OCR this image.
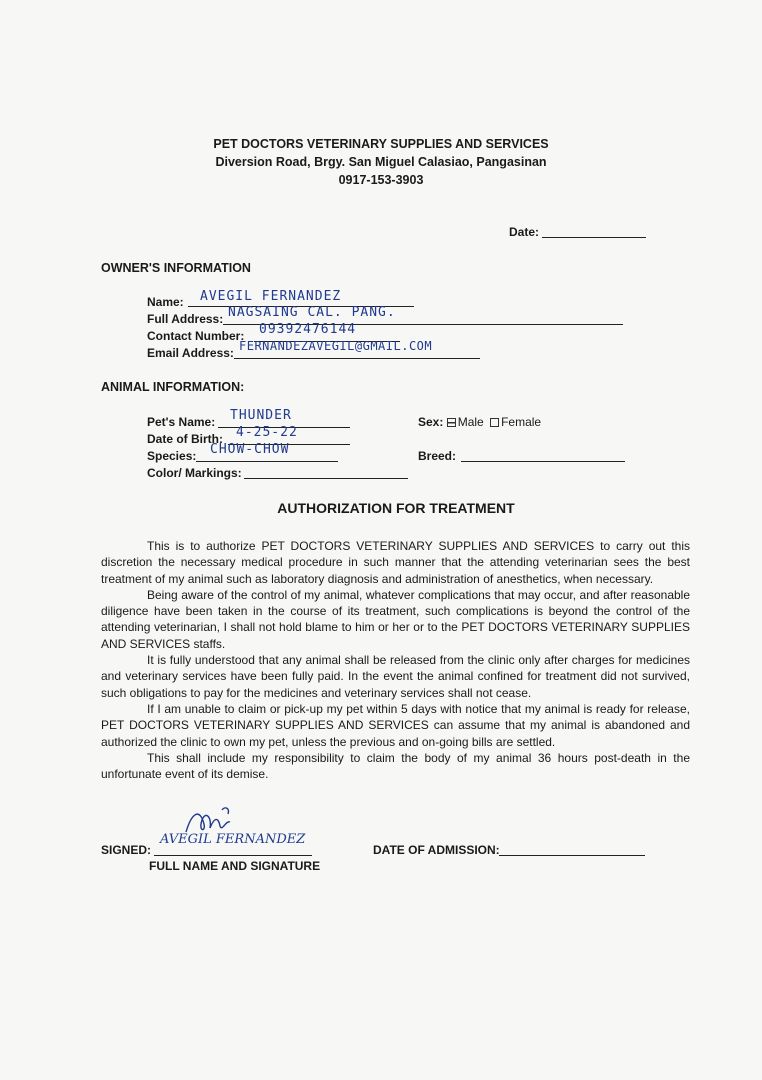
PET DOCTORS VETERINARY SUPPLIES AND SERVICES
Diversion Road, Brgy. San Miguel Calasiao, Pangasinan
0917-153-3903
Date:
OWNER'S INFORMATION
Name: AVEGIL FERNANDEZ
Full Address: NAGSAING CAL. PANG.
Contact Number: 09392476144
Email Address: FERNANDEZAVEGIL@GMAIL.COM
ANIMAL INFORMATION:
Pet's Name: THUNDER
Date of Birth: 4-25-22
Species: CHOW-CHOW
Color/ Markings:
Sex: Male Female
Breed:
AUTHORIZATION FOR TREATMENT

This is to authorize PET DOCTORS VETERINARY SUPPLIES AND SERVICES to carry out this discretion the necessary medical procedure in such manner that the attending veterinarian sees the best treatment of my animal such as laboratory diagnosis and administration of anesthetics, when necessary.

Being aware of the control of my animal, whatever complications that may occur, and after reasonable diligence have been taken in the course of its treatment, such complications is beyond the control of the attending veterinarian, I shall not hold blame to him or her or to the PET DOCTORS VETERINARY SUPPLIES AND SERVICES staffs.

It is fully understood that any animal shall be released from the clinic only after charges for medicines and veterinary services have been fully paid. In the event the animal confined for treatment did not survived, such obligations to pay for the medicines and veterinary services shall not cease.

If I am unable to claim or pick-up my pet within 5 days with notice that my animal is ready for release, PET DOCTORS VETERINARY SUPPLIES AND SERVICES can assume that my animal is abandoned and authorized the clinic to own my pet, unless the previous and on-going bills are settled.

This shall include my responsibility to claim the body of my animal 36 hours post-death in the unfortunate event of its demise.

SIGNED:
AVEGIL FERNANDEZ
FULL NAME AND SIGNATURE
DATE OF ADMISSION:
